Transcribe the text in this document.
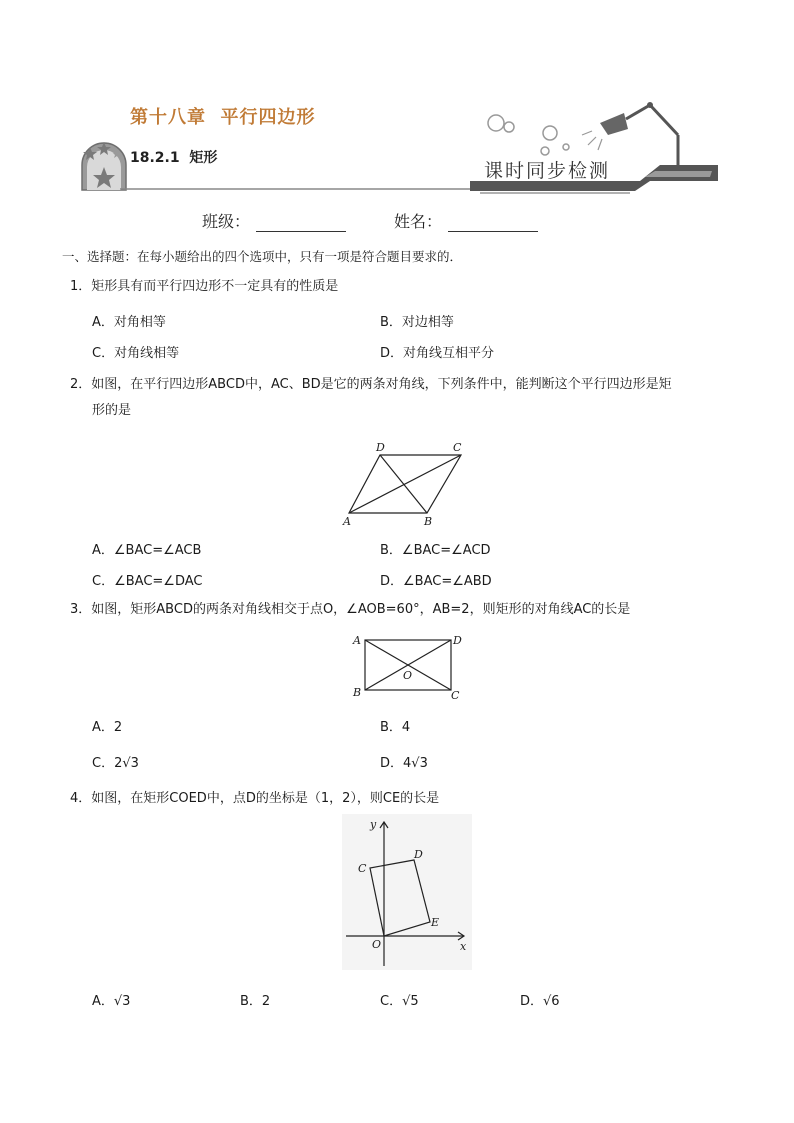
第十八章  平行四边形
18.2.1  矩形
课时同步检测
班级：	姓名：
一、选择题：在每小题给出的四个选项中，只有一项是符合题目要求的．
1．矩形具有而平行四边形不一定具有的性质是
A．对角相等	B．对边相等
C．对角线相等	D．对角线互相平分
2．如图，在平行四边形ABCD中，AC、BD是它的两条对角线，下列条件中，能判断这个平行四边形是矩
形的是
A	B
C
D
A．∠BAC=∠ACB	B．∠BAC=∠ACD
C．∠BAC=∠DAC	D．∠BAC=∠ABD
3．如图，矩形ABCD的两条对角线相交于点O，∠AOB=60°，AB=2，则矩形的对角线AC的长是
A
B	C
D
O
A．2	B．4
C．2√3	D．4√3
4．如图，在矩形COED中，点D的坐标是（1，2），则CE的长是
y
x
O
C
D
E
A．√3	B．2	C．√5	D．√6
